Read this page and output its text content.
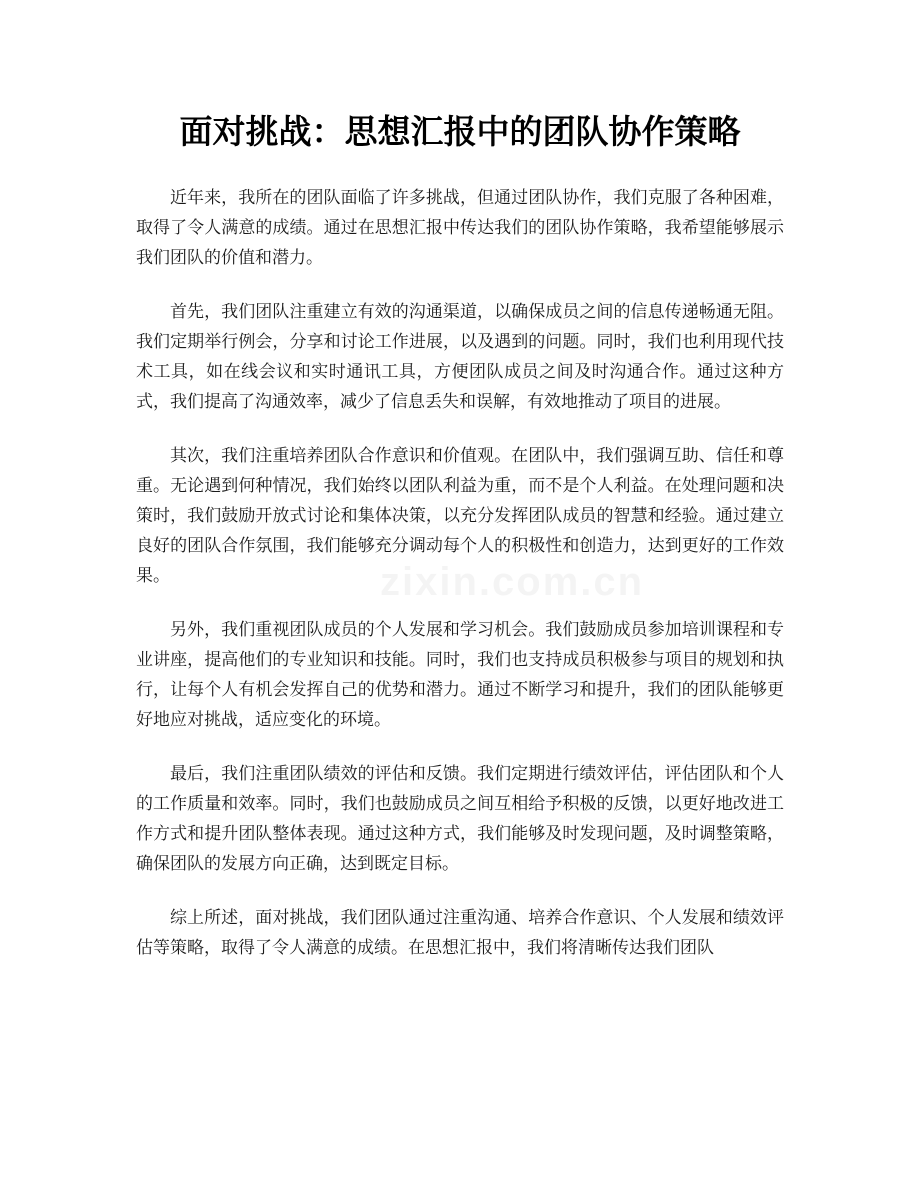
面对挑战：思想汇报中的团队协作策略

近年来，我所在的团队面临了许多挑战，但通过团队协作，我们克服了各种困难，取得了令人满意的成绩。通过在思想汇报中传达我们的团队协作策略，我希望能够展示我们团队的价值和潜力。

首先，我们团队注重建立有效的沟通渠道，以确保成员之间的信息传递畅通无阻。我们定期举行例会，分享和讨论工作进展，以及遇到的问题。同时，我们也利用现代技术工具，如在线会议和实时通讯工具，方便团队成员之间及时沟通合作。通过这种方式，我们提高了沟通效率，减少了信息丢失和误解，有效地推动了项目的进展。

其次，我们注重培养团队合作意识和价值观。在团队中，我们强调互助、信任和尊重。无论遇到何种情况，我们始终以团队利益为重，而不是个人利益。在处理问题和决策时，我们鼓励开放式讨论和集体决策，以充分发挥团队成员的智慧和经验。通过建立良好的团队合作氛围，我们能够充分调动每个人的积极性和创造力，达到更好的工作效果。

另外，我们重视团队成员的个人发展和学习机会。我们鼓励成员参加培训课程和专业讲座，提高他们的专业知识和技能。同时，我们也支持成员积极参与项目的规划和执行，让每个人有机会发挥自己的优势和潜力。通过不断学习和提升，我们的团队能够更好地应对挑战，适应变化的环境。

最后，我们注重团队绩效的评估和反馈。我们定期进行绩效评估，评估团队和个人的工作质量和效率。同时，我们也鼓励成员之间互相给予积极的反馈，以更好地改进工作方式和提升团队整体表现。通过这种方式，我们能够及时发现问题，及时调整策略，确保团队的发展方向正确，达到既定目标。

综上所述，面对挑战，我们团队通过注重沟通、培养合作意识、个人发展和绩效评估等策略，取得了令人满意的成绩。在思想汇报中，我们将清晰传达我们团队
